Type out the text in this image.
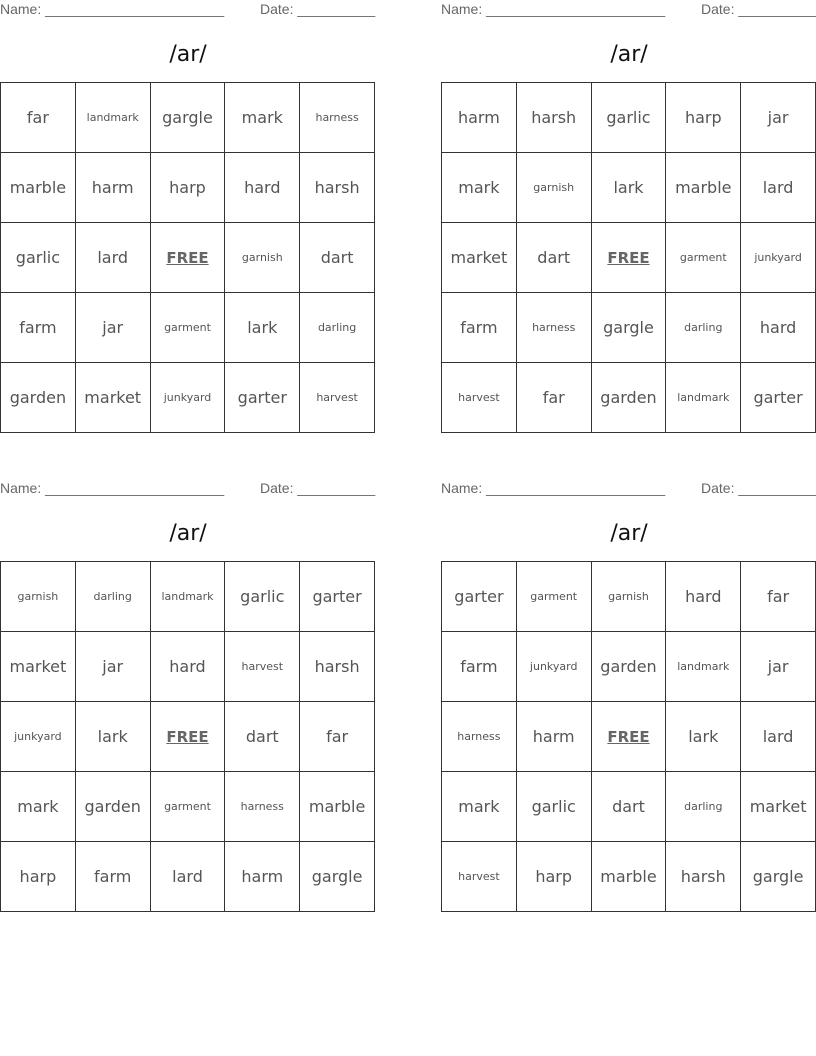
Name: _______________________	Date: __________
/ar/
far	landmark	gargle	mark	harness
marble	harm	harp	hard	harsh
garlic	lard	FREE	garnish	dart
farm	jar	garment	lark	darling
garden	market	junkyard	garter	harvest
Name: _______________________	Date: __________
/ar/
harm	harsh	garlic	harp	jar
mark	garnish	lark	marble	lard
market	dart	FREE	garment	junkyard
farm	harness	gargle	darling	hard
harvest	far	garden	landmark	garter
Name: _______________________	Date: __________
/ar/
garnish	darling	landmark	garlic	garter
market	jar	hard	harvest	harsh
junkyard	lark	FREE	dart	far
mark	garden	garment	harness	marble
harp	farm	lard	harm	gargle
Name: _______________________	Date: __________
/ar/
garter	garment	garnish	hard	far
farm	junkyard	garden	landmark	jar
harness	harm	FREE	lark	lard
mark	garlic	dart	darling	market
harvest	harp	marble	harsh	gargle
